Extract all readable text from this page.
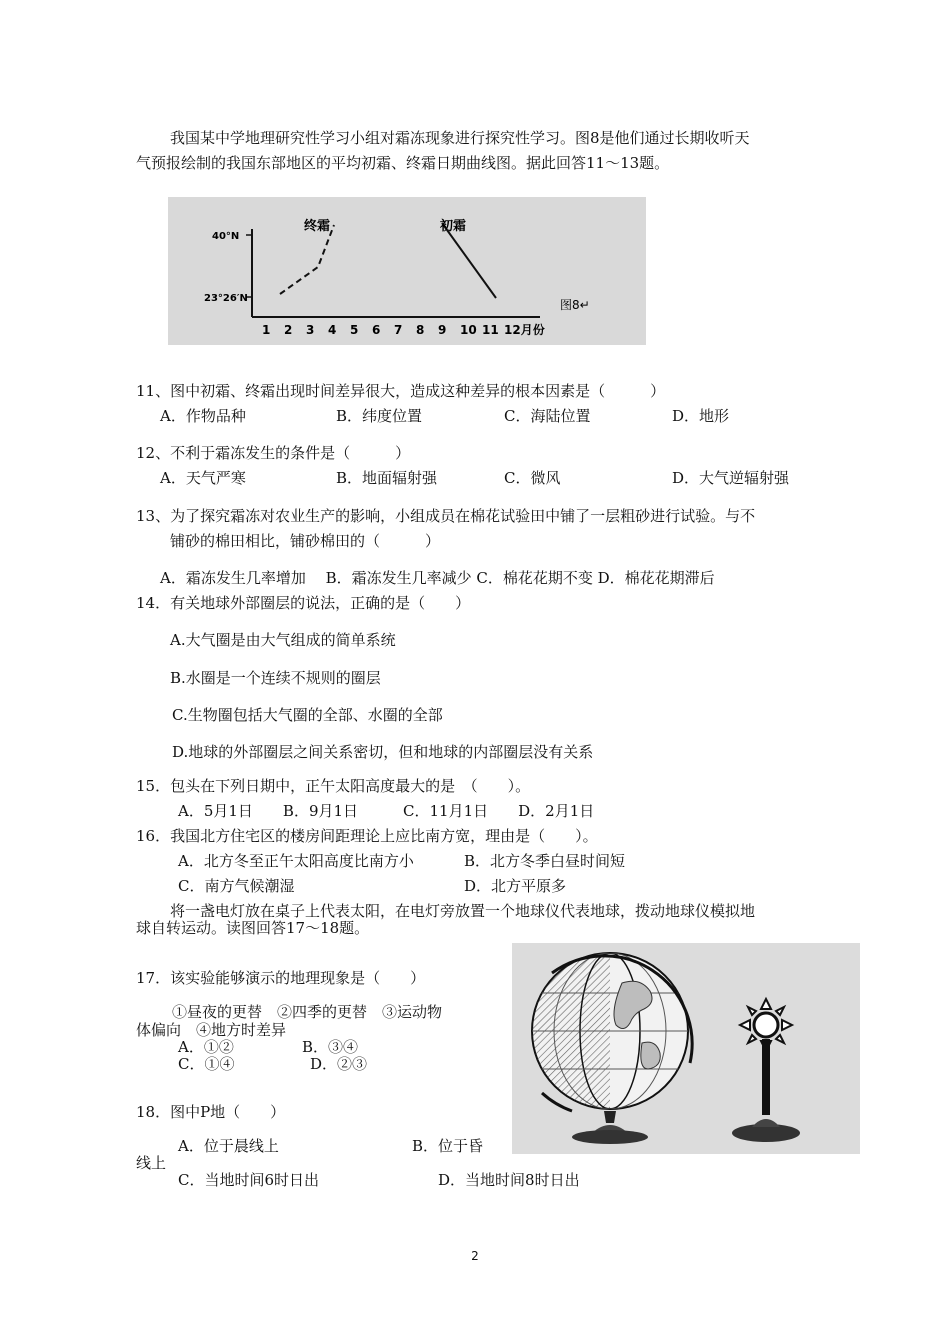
我国某中学地理研究性学习小组对霜冻现象进行探究性学习。图8是他们通过长期收听天
气预报绘制的我国东部地区的平均初霜、终霜日期曲线图。据此回答11～13题。
终霜	初霜
40°N
23°26′N	图8↵
1 2 3 4 5 6 7 8 9 10 11 12月份
11、图中初霜、终霜出现时间差异很大，造成这种差异的根本因素是（　　　）
A．作物品种	B．纬度位置	C．海陆位置	D．地形
12、不利于霜冻发生的条件是（　　　）
A．天气严寒	B．地面辐射强	C．微风	D．大气逆辐射强
13、为了探究霜冻对农业生产的影响，小组成员在棉花试验田中铺了一层粗砂进行试验。与不
铺砂的棉田相比，铺砂棉田的（　　　）
A．霜冻发生几率增加　 B．霜冻发生几率减少 C．棉花花期不变 D．棉花花期滞后
14．有关地球外部圈层的说法，正确的是（　　）
A.大气圈是由大气组成的简单系统
B.水圈是一个连续不规则的圈层
C.生物圈包括大气圈的全部、水圈的全部
D.地球的外部圈层之间关系密切，但和地球的内部圈层没有关系
15．包头在下列日期中，正午太阳高度最大的是　（　　）。
A．5月1日　　B．9月1日　　　C．11月1日　　D．2月1日
16．我国北方住宅区的楼房间距理论上应比南方宽，理由是（　　）。
A．北方冬至正午太阳高度比南方小	B．北方冬季白昼时间短
C．南方气候潮湿	D．北方平原多
将一盏电灯放在桌子上代表太阳，在电灯旁放置一个地球仪代表地球，拨动地球仪模拟地
球自转运动。读图回答17～18题。
17．该实验能够演示的地理现象是（　　）
①昼夜的更替　②四季的更替　③运动物
体偏向　④地方时差异
A．①②	B．③④
C．①④	D．②③
18．图中P地（　　）
A．位于晨线上	B．位于昏
线上
C．当地时间6时日出	D．当地时间8时日出
2
